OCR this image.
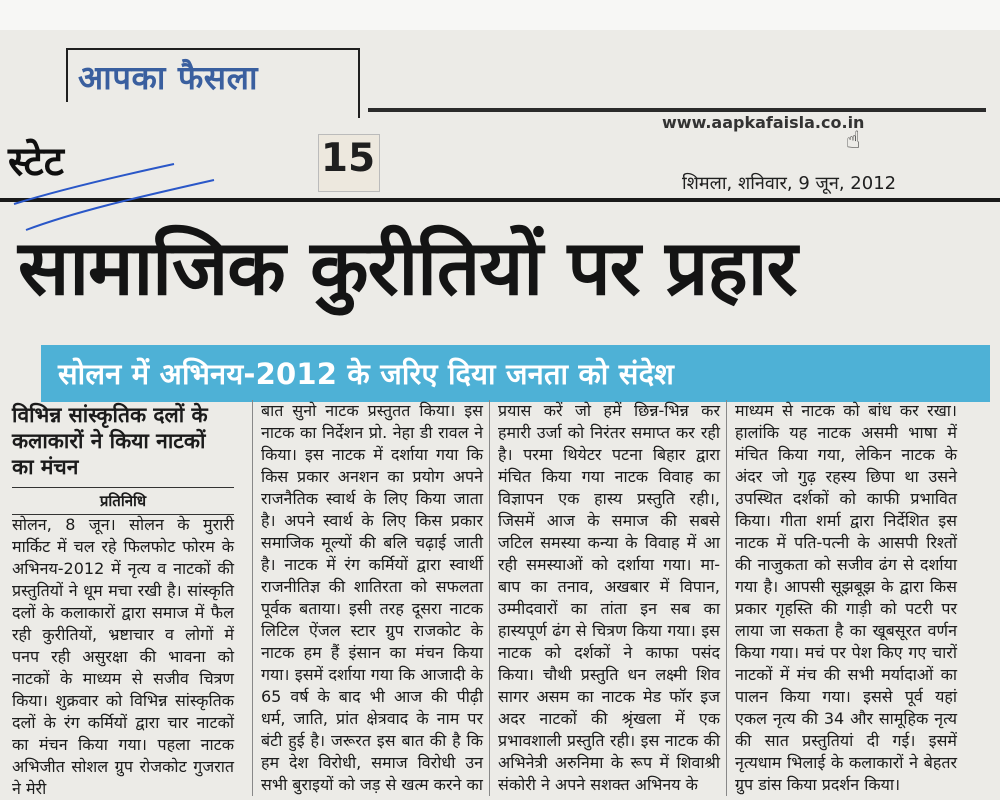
आपका फैसला
www.aapkafaisla.co.in
☝
स्टेट	15
शिमला, शनिवार, 9 जून, 2012
सामाजिक कुरीतियों पर प्रहार
सोलन में अभिनय-2012 के जरिए दिया जनता को संदेश
विभिन्न सांस्कृतिक दलों के कलाकारों ने किया नाटकों का मंचन
प्रतिनिधि

सोलन, 8 जून। सोलन के मुरारी मार्किट में चल रहे फिलफोट फोरम के अभिनय-2012 में नृत्य व नाटकों की प्रस्तुतियों ने धूम मचा रखी है। सांस्कृति दलों के कलाकारों द्वारा समाज में फैल रही कुरीतियों, भ्रष्टाचार व लोगों में पनप रही असुरक्षा की भावना को नाटकों के माध्यम से सजीव चित्रण किया। शुक्रवार को विभिन्न सांस्कृतिक दलों के रंग कर्मियों द्वारा चार नाटकों का मंचन किया गया। पहला नाटक अभिजीत सोशल ग्रुप रोजकोट गुजरात ने मेरी

बात सुनो नाटक प्रस्तुतत किया। इस नाटक का निर्देशन प्रो. नेहा डी रावल ने किया। इस नाटक में दर्शाया गया कि किस प्रकार अनशन का प्रयोग अपने राजनैतिक स्वार्थ के लिए किया जाता है। अपने स्वार्थ के लिए किस प्रकार समाजिक मूल्यों की बलि चढ़ाई जाती है। नाटक में रंग कर्मियों द्वारा स्वार्थी राजनीतिज्ञ की शातिरता को सफलता पूर्वक बताया। इसी तरह दूसरा नाटक लिटिल ऐंजल स्टार ग्रुप राजकोट के नाटक हम हैं इंसान का मंचन किया गया। इसमें दर्शाया गया कि आजादी के 65 वर्ष के बाद भी आज की पीढ़ी धर्म, जाति, प्रांत क्षेत्रवाद के नाम पर बंटी हुई है। जरूरत इस बात की है कि हम देश विरोधी, समाज विरोधी उन सभी बुराइयों को जड़ से खत्म करने का

प्रयास करें जो हमें छिन्न-भिन्न कर हमारी उर्जा को निरंतर समाप्त कर रही है। परमा थियेटर पटना बिहार द्वारा मंचित किया गया नाटक विवाह का विज्ञापन एक हास्य प्रस्तुति रही।, जिसमें आज के समाज की सबसे जटिल समस्या कन्या के विवाह में आ रही समस्याओं को दर्शाया गया। मा-बाप का तनाव, अखबार में विपान, उम्मीदवारों का तांता इन सब का हास्यपूर्ण ढंग से चित्रण किया गया। इस नाटक को दर्शकों ने काफा पसंद किया। चौथी प्रस्तुति धन लक्ष्मी शिव सागर असम का नाटक मेड फॉर इज अदर नाटकों की श्रृंखला में एक प्रभावशाली प्रस्तुति रही। इस नाटक की अभिनेत्री अरुनिमा के रूप में शिवाश्री संकोरी ने अपने सशक्त अभिनय के

माध्यम से नाटक को बांध कर रखा। हालांकि यह नाटक असमी भाषा में मंचित किया गया, लेकिन नाटक के अंदर जो गुढ़ रहस्य छिपा था उसने उपस्थित दर्शकों को काफी प्रभावित किया। गीता शर्मा द्वारा निर्देशित इस नाटक में पति-पत्नी के आसपी रिश्तों की नाजुकता को सजीव ढंग से दर्शाया गया है। आपसी सूझबूझ के द्वारा किस प्रकार गृहस्ति की गाड़ी को पटरी पर लाया जा सकता है का खूबसूरत वर्णन किया गया। मचं पर पेश किए गए चारों नाटकों में मंच की सभी मर्यादाओं का पालन किया गया। इससे पूर्व यहां एकल नृत्य की 34 और सामूहिक नृत्य की सात प्रस्तुतियां दी गई। इसमें नृत्यधाम भिलाई के कलाकारों ने बेहतर ग्रुप डांस किया प्रदर्शन किया।
